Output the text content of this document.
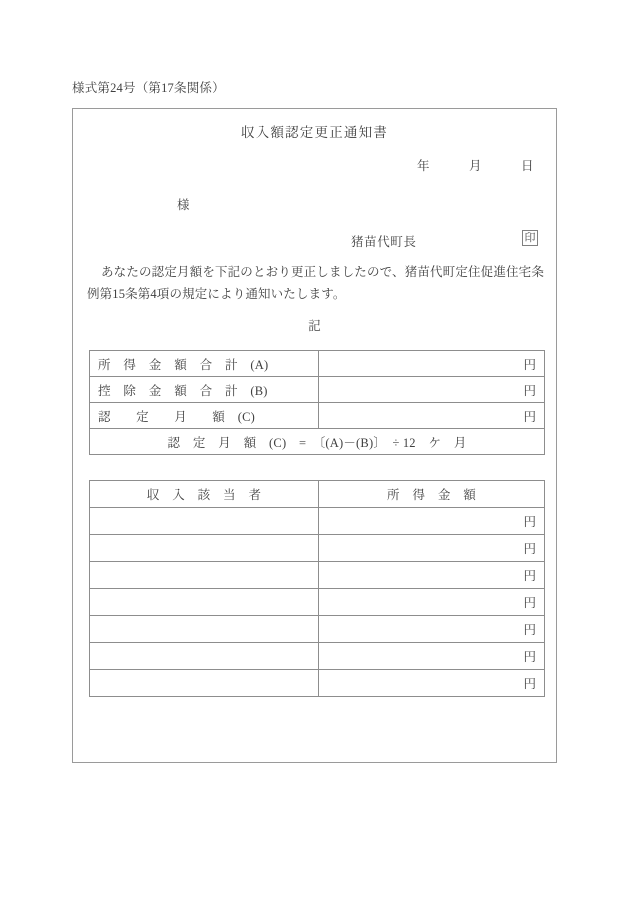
様式第24号（第17条関係）
収入額認定更正通知書
年　　　月　　　日
様
猪苗代町長	印
あなたの認定月額を下記のとおり更正しましたので、猪苗代町定住促進住宅条例第15条第4項の規定により通知いたします。
記
所　得　金　額　合　計　(A)	円
控　除　金　額　合　計　(B)	円
認　　定　　月　　額　(C)	円
認　定　月　額　(C)　=　〔(A)－(B)〕　÷ 12　ケ　月	
収　入　該　当　者	所　得　金　額
	円
	円
	円
	円
	円
	円
	円
